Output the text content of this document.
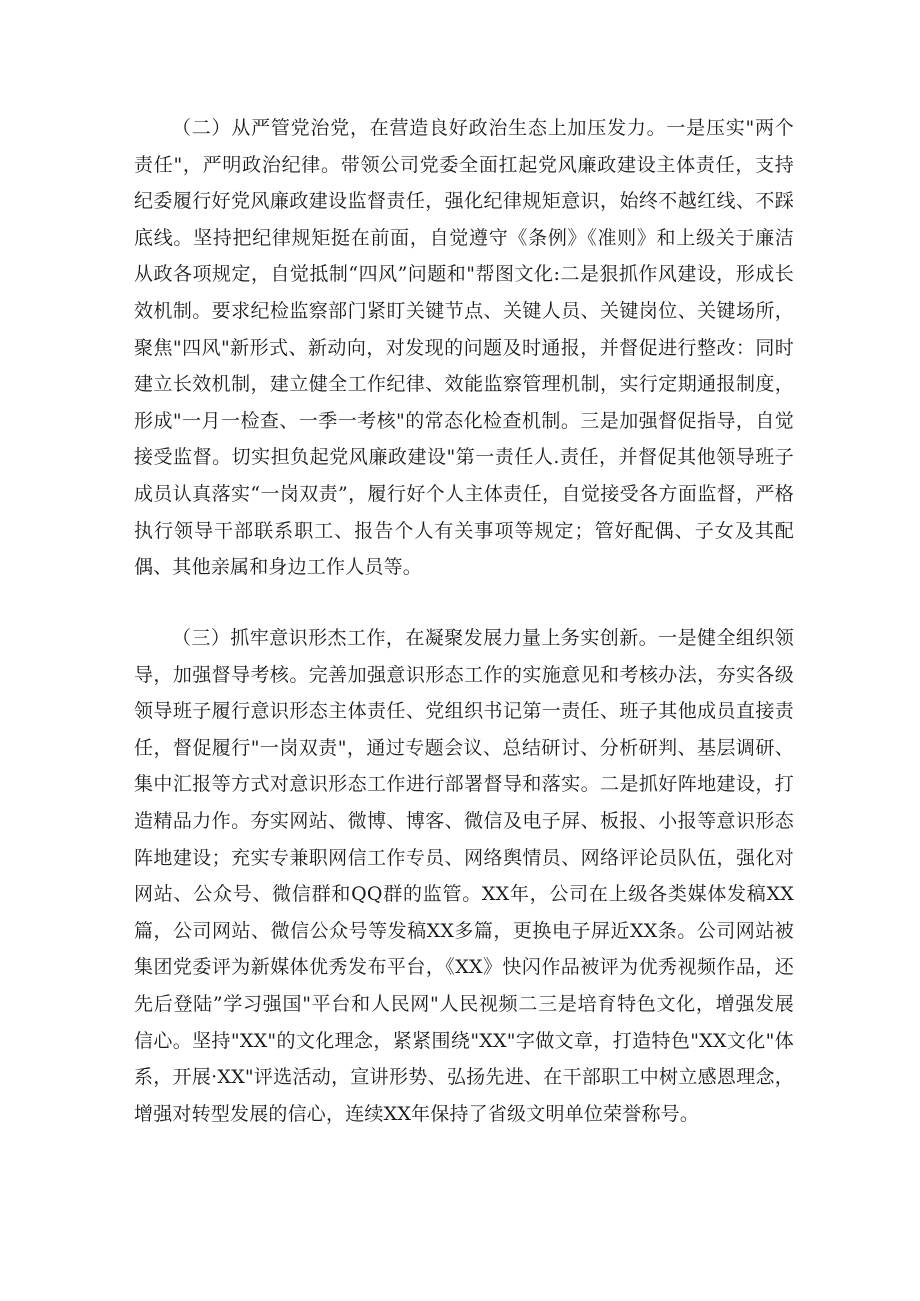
（二）从严管党治党，在营造良好政治生态上加压发力。一是压实"两个责任"，严明政治纪律。带领公司党委全面扛起党风廉政建设主体责任，支持纪委履行好党风廉政建设监督责任，强化纪律规矩意识，始终不越红线、不踩底线。坚持把纪律规矩挺在前面，自觉遵守《条例》《准则》和上级关于廉洁从政各项规定，自觉抵制“四风”问题和"帮图文化:二是狠抓作风建设，形成长效机制。要求纪检监察部门紧盯关键节点、关键人员、关键岗位、关键场所，聚焦"四风"新形式、新动向，对发现的问题及时通报，并督促进行整改：同时建立长效机制，建立健全工作纪律、效能监察管理机制，实行定期通报制度，形成"一月一检查、一季一考核"的常态化检查机制。三是加强督促指导，自觉接受监督。切实担负起党风廉政建设"第一责任人.责任，并督促其他领导班子成员认真落实“一岗双责”，履行好个人主体责任，自觉接受各方面监督，严格执行领导干部联系职工、报告个人有关事项等规定；管好配偶、子女及其配偶、其他亲属和身边工作人员等。

（三）抓牢意识形杰工作，在凝聚发展力量上务实创新。一是健全组织领导，加强督导考核。完善加强意识形态工作的实施意见和考核办法，夯实各级领导班子履行意识形态主体责任、党组织书记第一责任、班子其他成员直接责任，督促履行"一岗双责"，通过专题会议、总结研讨、分析研判、基层调研、集中汇报等方式对意识形态工作进行部署督导和落实。二是抓好阵地建设，打造精品力作。夯实网站、微博、博客、微信及电子屏、板报、小报等意识形态阵地建设；充实专兼职网信工作专员、网络舆情员、网络评论员队伍，强化对网站、公众号、微信群和QQ群的监管。XX年，公司在上级各类媒体发稿XX篇，公司网站、微信公众号等发稿XX多篇，更换电子屏近XX条。公司网站被集团党委评为新媒体优秀发布平台，《XX》快闪作品被评为优秀视频作品，还先后登陆”学习强国"平台和人民网"人民视频二三是培育特色文化，增强发展信心。坚持"XX"的文化理念，紧紧围绕"XX"字做文章，打造特色"XX文化"体系，开展·XX"评选活动，宣讲形势、弘扬先进、在干部职工中树立感恩理念，增强对转型发展的信心，连续XX年保持了省级文明单位荣誉称号。
